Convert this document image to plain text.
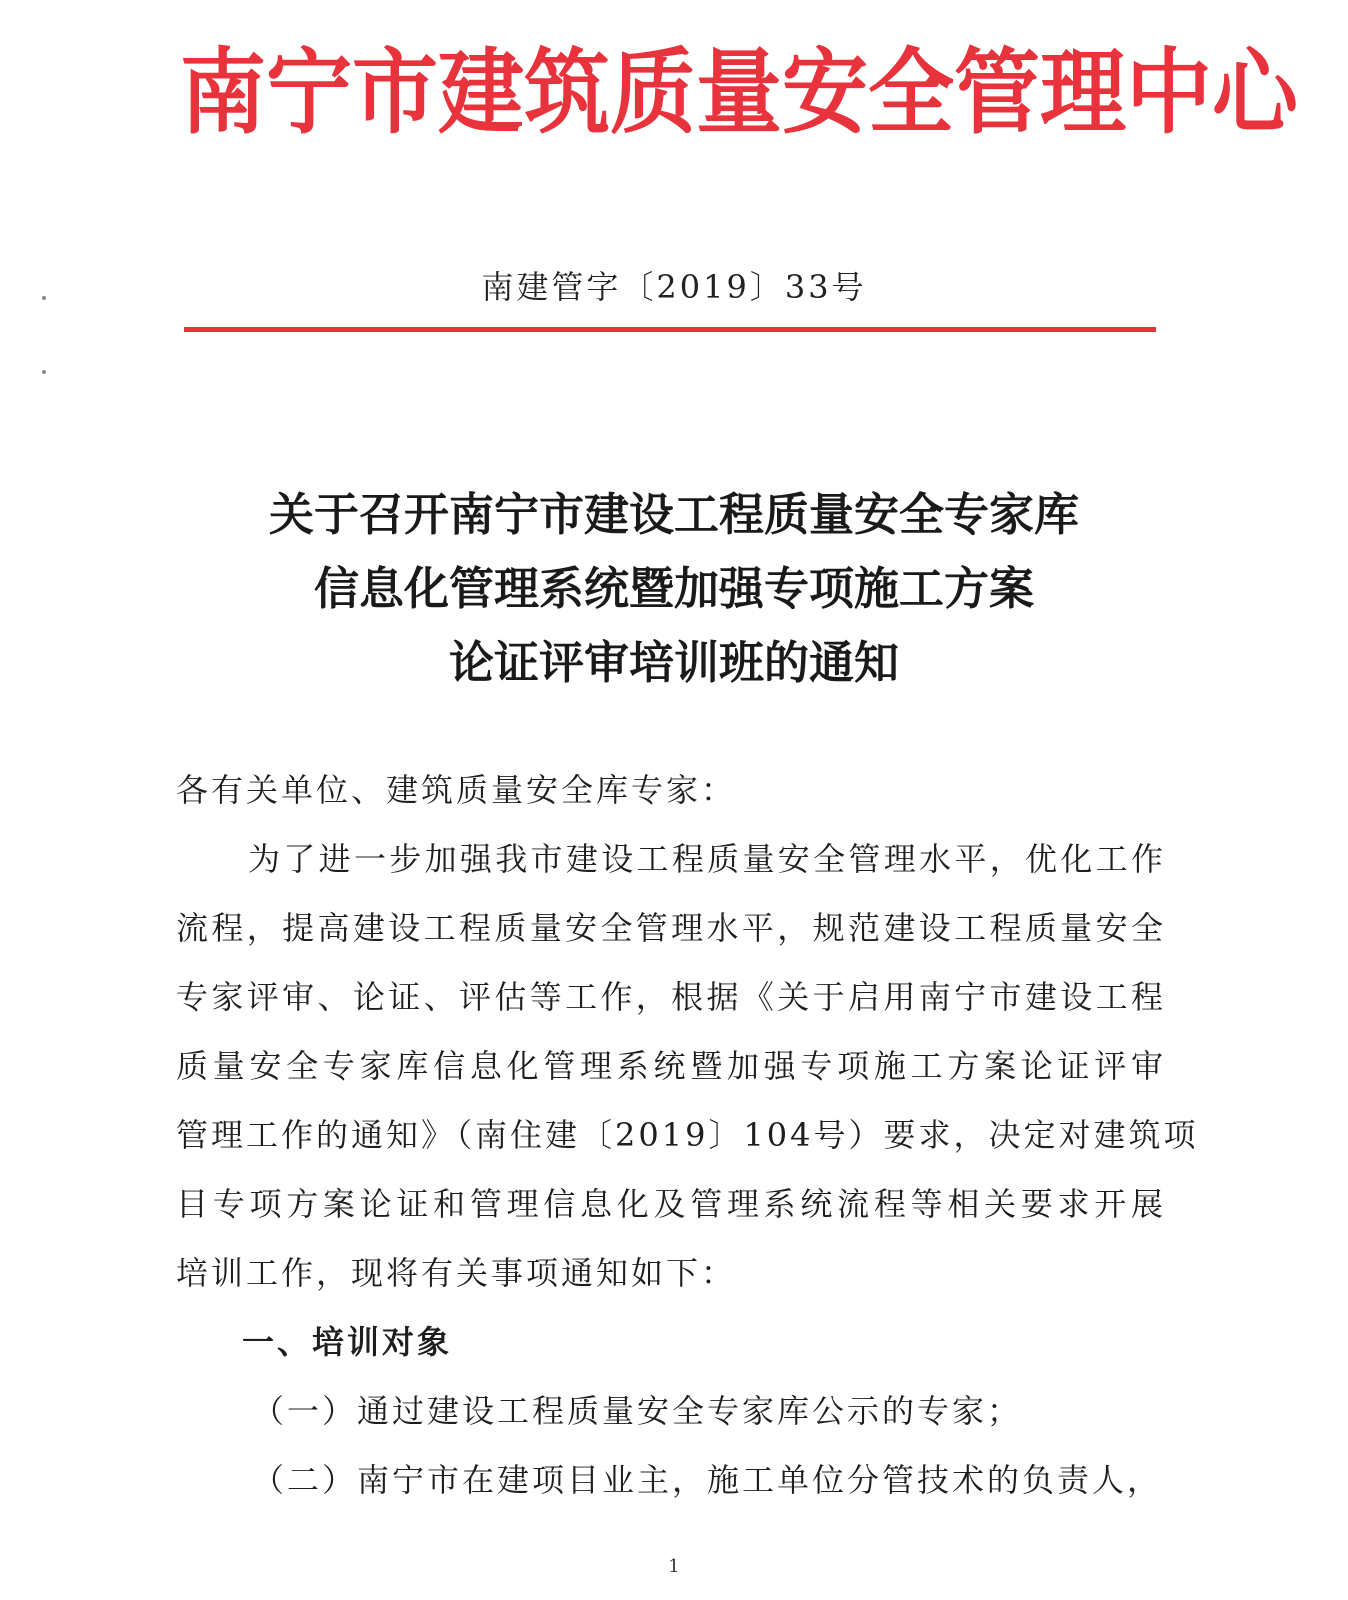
南 宁 市 建 筑 质 量 安 全 管 理 中 心
南建管字〔2019〕33号
关于召开南宁市建设工程质量安全专家库
信息化管理系统暨加强专项施工方案
论证评审培训班的通知
各有关单位、建筑质量安全库专家：
为了进一步加强我市建设工程质量安全管理水平，优化工作
流程，提高建设工程质量安全管理水平，规范建设工程质量安全
专家评审、论证、评估等工作，根据《关于启用南宁市建设工程
质量安全专家库信息化管理系统暨加强专项施工方案论证评审
管理工作的通知》（南住建〔2019〕104号）要求，决定对建筑项
目专项方案论证和管理信息化及管理系统流程等相关要求开展
培训工作，现将有关事项通知如下：
一、培训对象
（一）通过建设工程质量安全专家库公示的专家；
（二）南宁市在建项目业主，施工单位分管技术的负责人，
1
